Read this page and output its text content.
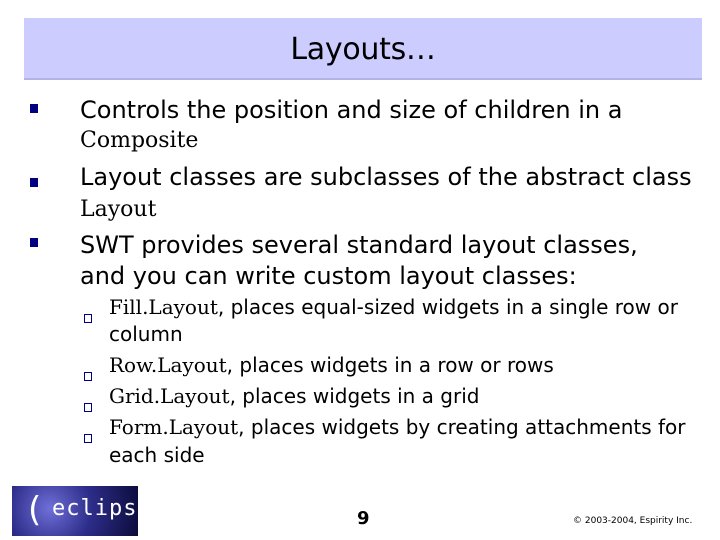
Layouts…
Controls the position and size of children in a
Composite
Layout classes are subclasses of the abstract class
Layout
SWT provides several standard layout classes,
and you can write custom layout classes:
Fill.Layout, places equal-sized widgets in a single row or
column
Row.Layout, places widgets in a row or rows
Grid.Layout, places widgets in a grid
Form.Layout, places widgets by creating attachments for
each side
( eclipse	9	© 2003-2004, Espirity Inc.
